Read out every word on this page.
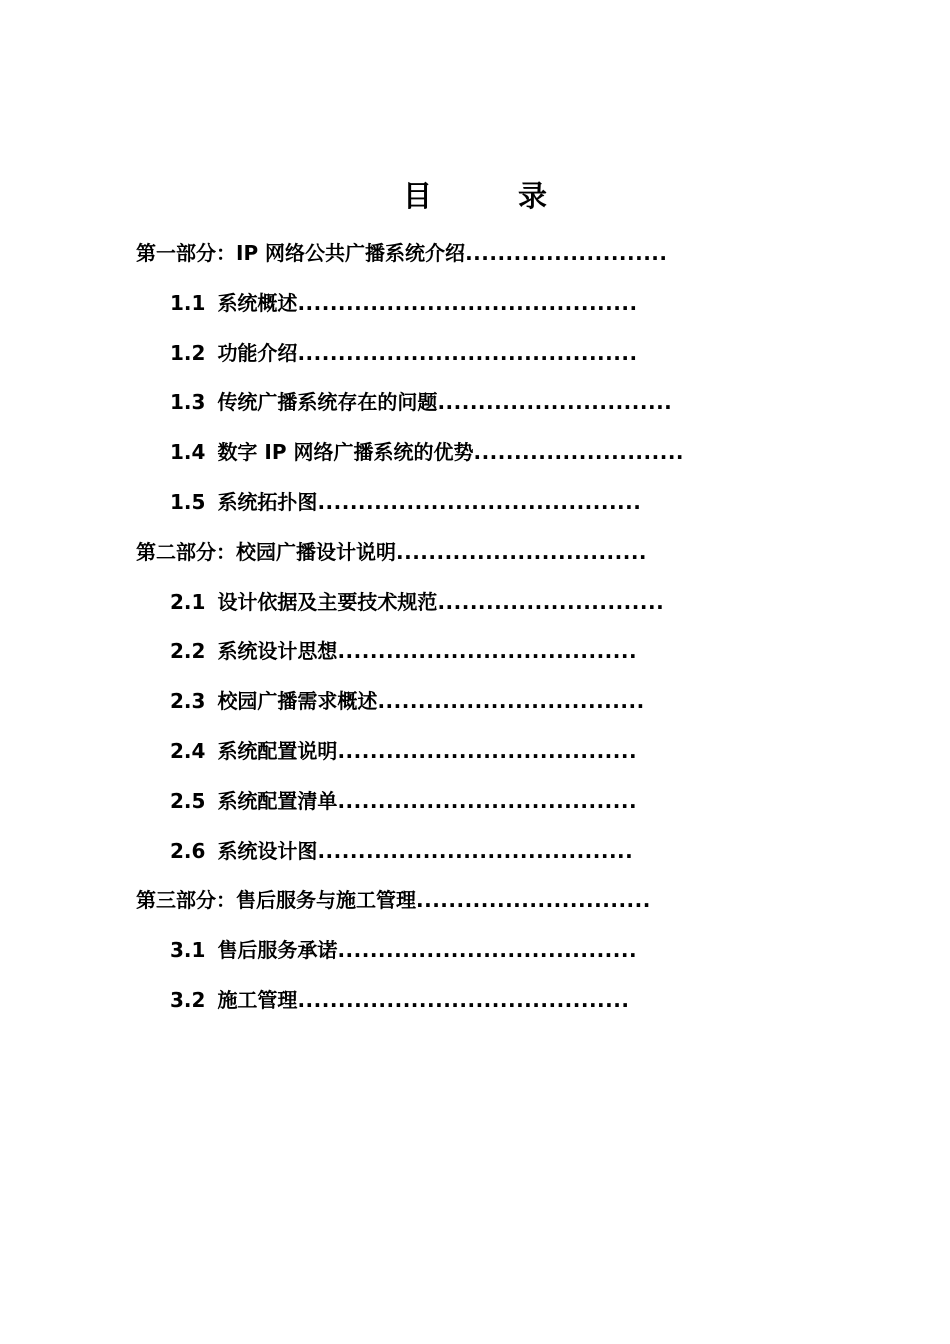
目 录
第一部分：IP 网络公共广播系统介绍.........................
1.1 系统概述..........................................
1.2 功能介绍..........................................
1.3 传统广播系统存在的问题.............................
1.4 数字 IP 网络广播系统的优势..........................
1.5 系统拓扑图........................................
第二部分：校园广播设计说明...............................
2.1 设计依据及主要技术规范............................
2.2 系统设计思想.....................................
2.3 校园广播需求概述.................................
2.4 系统配置说明.....................................
2.5 系统配置清单.....................................
2.6 系统设计图.......................................
第三部分：售后服务与施工管理.............................
3.1 售后服务承诺.....................................
3.2 施工管理.........................................
